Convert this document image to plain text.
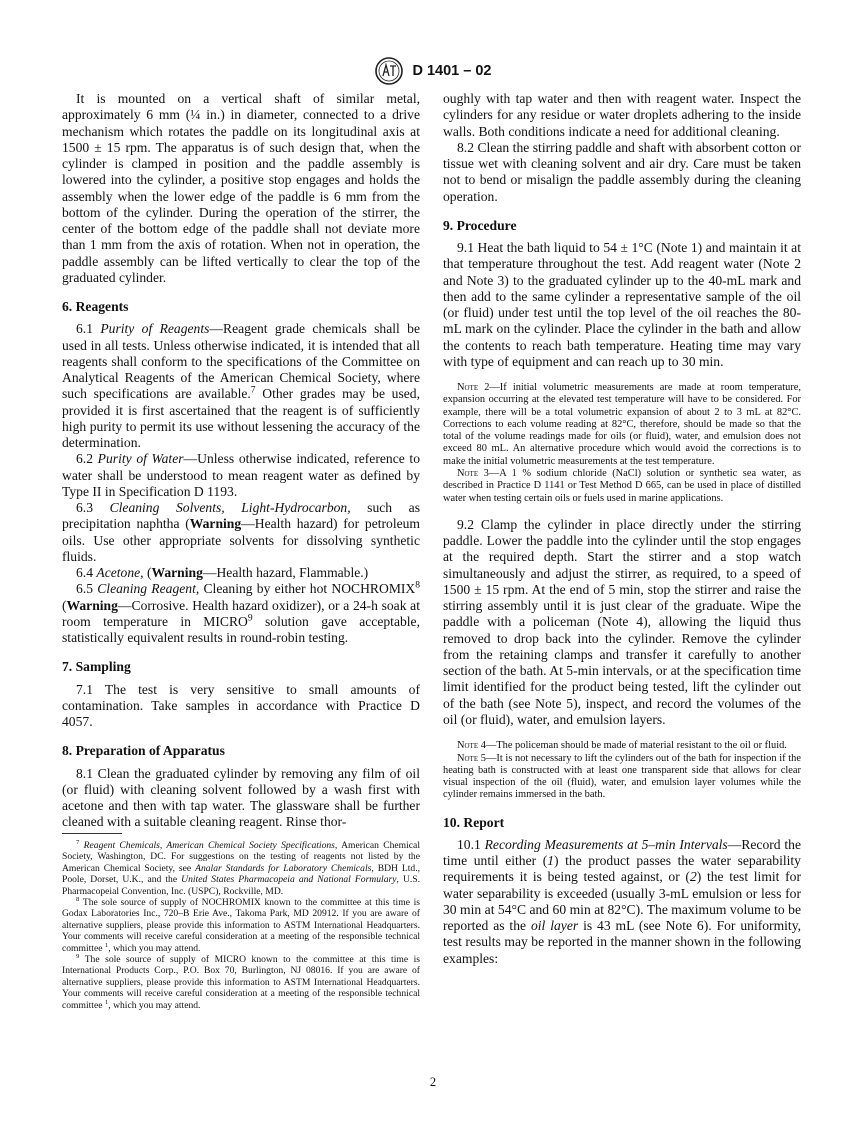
D 1401 – 02

It is mounted on a vertical shaft of similar metal, approximately 6 mm (¼ in.) in diameter, connected to a drive mechanism which rotates the paddle on its longitudinal axis at 1500 ± 15 rpm. The apparatus is of such design that, when the cylinder is clamped in position and the paddle assembly is lowered into the cylinder, a positive stop engages and holds the assembly when the lower edge of the paddle is 6 mm from the bottom of the cylinder. During the operation of the stirrer, the center of the bottom edge of the paddle shall not deviate more than 1 mm from the axis of rotation. When not in operation, the paddle assembly can be lifted vertically to clear the top of the graduated cylinder.

6. Reagents

6.1 Purity of Reagents—Reagent grade chemicals shall be used in all tests. Unless otherwise indicated, it is intended that all reagents shall conform to the specifications of the Committee on Analytical Reagents of the American Chemical Society, where such specifications are available.$^7$ Other grades may be used, provided it is first ascertained that the reagent is of sufficiently high purity to permit its use without lessening the accuracy of the determination.

6.2 Purity of Water—Unless otherwise indicated, reference to water shall be understood to mean reagent water as defined by Type II in Specification D 1193.

6.3 Cleaning Solvents, Light-Hydrocarbon, such as precipitation naphtha (Warning—Health hazard) for petroleum oils. Use other appropriate solvents for dissolving synthetic fluids.

6.4 Acetone, (Warning—Health hazard, Flammable.)

6.5 Cleaning Reagent, Cleaning by either hot NOCHROMIX$^8$ (Warning—Corrosive. Health hazard oxidizer), or a 24-h soak at room temperature in MICRO$^9$ solution gave acceptable, statistically equivalent results in round-robin testing.

7. Sampling

7.1 The test is very sensitive to small amounts of contamination. Take samples in accordance with Practice D 4057.

8. Preparation of Apparatus

8.1 Clean the graduated cylinder by removing any film of oil (or fluid) with cleaning solvent followed by a wash first with acetone and then with tap water. The glassware shall be further cleaned with a suitable cleaning reagent. Rinse thor-

$^7$ Reagent Chemicals, American Chemical Society Specifications, American Chemical Society, Washington, DC. For suggestions on the testing of reagents not listed by the American Chemical Society, see Analar Standards for Laboratory Chemicals, BDH Ltd., Poole, Dorset, U.K., and the United States Pharmacopeia and National Formulary, U.S. Pharmacopeial Convention, Inc. (USPC), Rockville, MD.

$^8$ The sole source of supply of NOCHROMIX known to the committee at this time is Godax Laboratories Inc., 720–B Erie Ave., Takoma Park, MD 20912. If you are aware of alternative suppliers, please provide this information to ASTM International Headquarters. Your comments will receive careful consideration at a meeting of the responsible technical committee $^1$, which you may attend.

$^9$ The sole source of supply of MICRO known to the committee at this time is International Products Corp., P.O. Box 70, Burlington, NJ 08016. If you are aware of alternative suppliers, please provide this information to ASTM International Headquarters. Your comments will receive careful consideration at a meeting of the responsible technical committee $^1$, which you may attend.

oughly with tap water and then with reagent water. Inspect the cylinders for any residue or water droplets adhering to the inside walls. Both conditions indicate a need for additional cleaning.

8.2 Clean the stirring paddle and shaft with absorbent cotton or tissue wet with cleaning solvent and air dry. Care must be taken not to bend or misalign the paddle assembly during the cleaning operation.

9. Procedure

9.1 Heat the bath liquid to 54 ± 1°C (Note 1) and maintain it at that temperature throughout the test. Add reagent water (Note 2 and Note 3) to the graduated cylinder up to the 40-mL mark and then add to the same cylinder a representative sample of the oil (or fluid) under test until the top level of the oil reaches the 80-mL mark on the cylinder. Place the cylinder in the bath and allow the contents to reach bath temperature. Heating time may vary with type of equipment and can reach up to 30 min.

Note 2—If initial volumetric measurements are made at room temperature, expansion occurring at the elevated test temperature will have to be considered. For example, there will be a total volumetric expansion of about 2 to 3 mL at 82°C. Corrections to each volume reading at 82°C, therefore, should be made so that the total of the volume readings made for oils (or fluid), water, and emulsion does not exceed 80 mL. An alternative procedure which would avoid the corrections is to make the initial volumetric measurements at the test temperature.

Note 3—A 1 % sodium chloride (NaCl) solution or synthetic sea water, as described in Practice D 1141 or Test Method D 665, can be used in place of distilled water when testing certain oils or fuels used in marine applications.

9.2 Clamp the cylinder in place directly under the stirring paddle. Lower the paddle into the cylinder until the stop engages at the required depth. Start the stirrer and a stop watch simultaneously and adjust the stirrer, as required, to a speed of 1500 ± 15 rpm. At the end of 5 min, stop the stirrer and raise the stirring assembly until it is just clear of the graduate. Wipe the paddle with a policeman (Note 4), allowing the liquid thus removed to drop back into the cylinder. Remove the cylinder from the retaining clamps and transfer it carefully to another section of the bath. At 5-min intervals, or at the specification time limit identified for the product being tested, lift the cylinder out of the bath (see Note 5), inspect, and record the volumes of the oil (or fluid), water, and emulsion layers.

Note 4—The policeman should be made of material resistant to the oil or fluid.

Note 5—It is not necessary to lift the cylinders out of the bath for inspection if the heating bath is constructed with at least one transparent side that allows for clear visual inspection of the oil (fluid), water, and emulsion layer volumes while the cylinder remains immersed in the bath.

10. Report

10.1 Recording Measurements at 5–min Intervals—Record the time until either (1) the product passes the water separability requirements it is being tested against, or (2) the test limit for water separability is exceeded (usually 3-mL emulsion or less for 30 min at 54°C and 60 min at 82°C). The maximum volume to be reported as the oil layer is 43 mL (see Note 6). For uniformity, test results may be reported in the manner shown in the following examples:

2
